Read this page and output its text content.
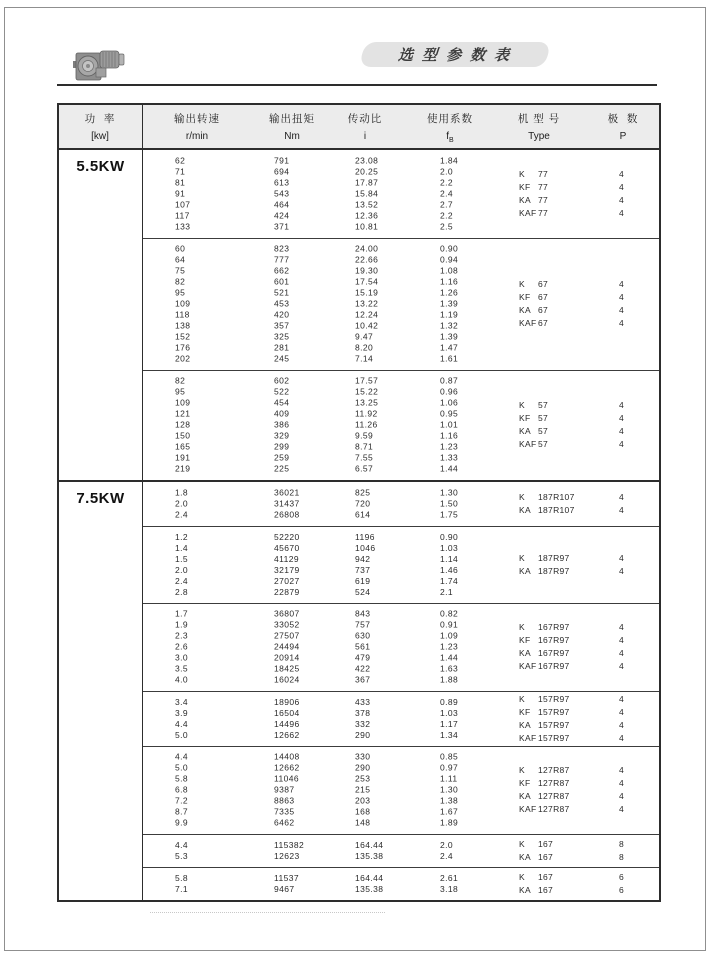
选型参数表
功  率
[kw]
输出转速
r/min
输出扭矩
Nm
传动比
i
使用系数
$f_B$
机 型 号
Type
极  数
P
5.5KW	62
71
81
91
107
117
133
791
694
613
543
464
424
371
23.08
20.25
17.87
15.84
13.52
12.36
10.81
1.84
2.0
2.2
2.4
2.7
2.2
2.5
K 77
KF 77
KA 77
KAF 77
4
4
4
4
60
64
75
82
95
109
118
138
152
176
202
823
777
662
601
521
453
420
357
325
281
245
24.00
22.66
19.30
17.54
15.19
13.22
12.24
10.42
9.47
8.20
7.14
0.90
0.94
1.08
1.16
1.26
1.39
1.19
1.32
1.39
1.47
1.61
K 67
KF 67
KA 67
KAF 67
4
4
4
4
82
95
109
121
128
150
165
191
219
602
522
454
409
386
329
299
259
225
17.57
15.22
13.25
11.92
11.26
9.59
8.71
7.55
6.57
0.87
0.96
1.06
0.95
1.01
1.16
1.23
1.33
1.44
K 57
KF 57
KA 57
KAF 57
4
4
4
4
7.5KW	1.8
2.0
2.4
36021
31437
26808
825
720
614
1.30
1.50
1.75
K 187R107
KA 187R107
4
4
1.2
1.4
1.5
2.0
2.4
2.8
52220
45670
41129
32179
27027
22879
1196
1046
942
737
619
524
0.90
1.03
1.14
1.46
1.74
2.1
K 187R97
KA 187R97
4
4
1.7
1.9
2.3
2.6
3.0
3.5
4.0
36807
33052
27507
24494
20914
18425
16024
843
757
630
561
479
422
367
0.82
0.91
1.09
1.23
1.44
1.63
1.88
K 167R97
KF 167R97
KA 167R97
KAF 167R97
4
4
4
4
3.4
3.9
4.4
5.0
18906
16504
14496
12662
433
378
332
290
0.89
1.03
1.17
1.34
K 157R97
KF 157R97
KA 157R97
KAF 157R97
4
4
4
4
4.4
5.0
5.8
6.8
7.2
8.7
9.9
14408
12662
11046
9387
8863
7335
6462
330
290
253
215
203
168
148
0.85
0.97
1.11
1.30
1.38
1.67
1.89
K 127R87
KF 127R87
KA 127R87
KAF 127R87
4
4
4
4
4.4
5.3
115382
12623
164.44
135.38
2.0
2.4
K 167
KA 167
8
8
5.8
7.1
11537
9467
164.44
135.38
2.61
3.18
K 167
KA 167
6
6
